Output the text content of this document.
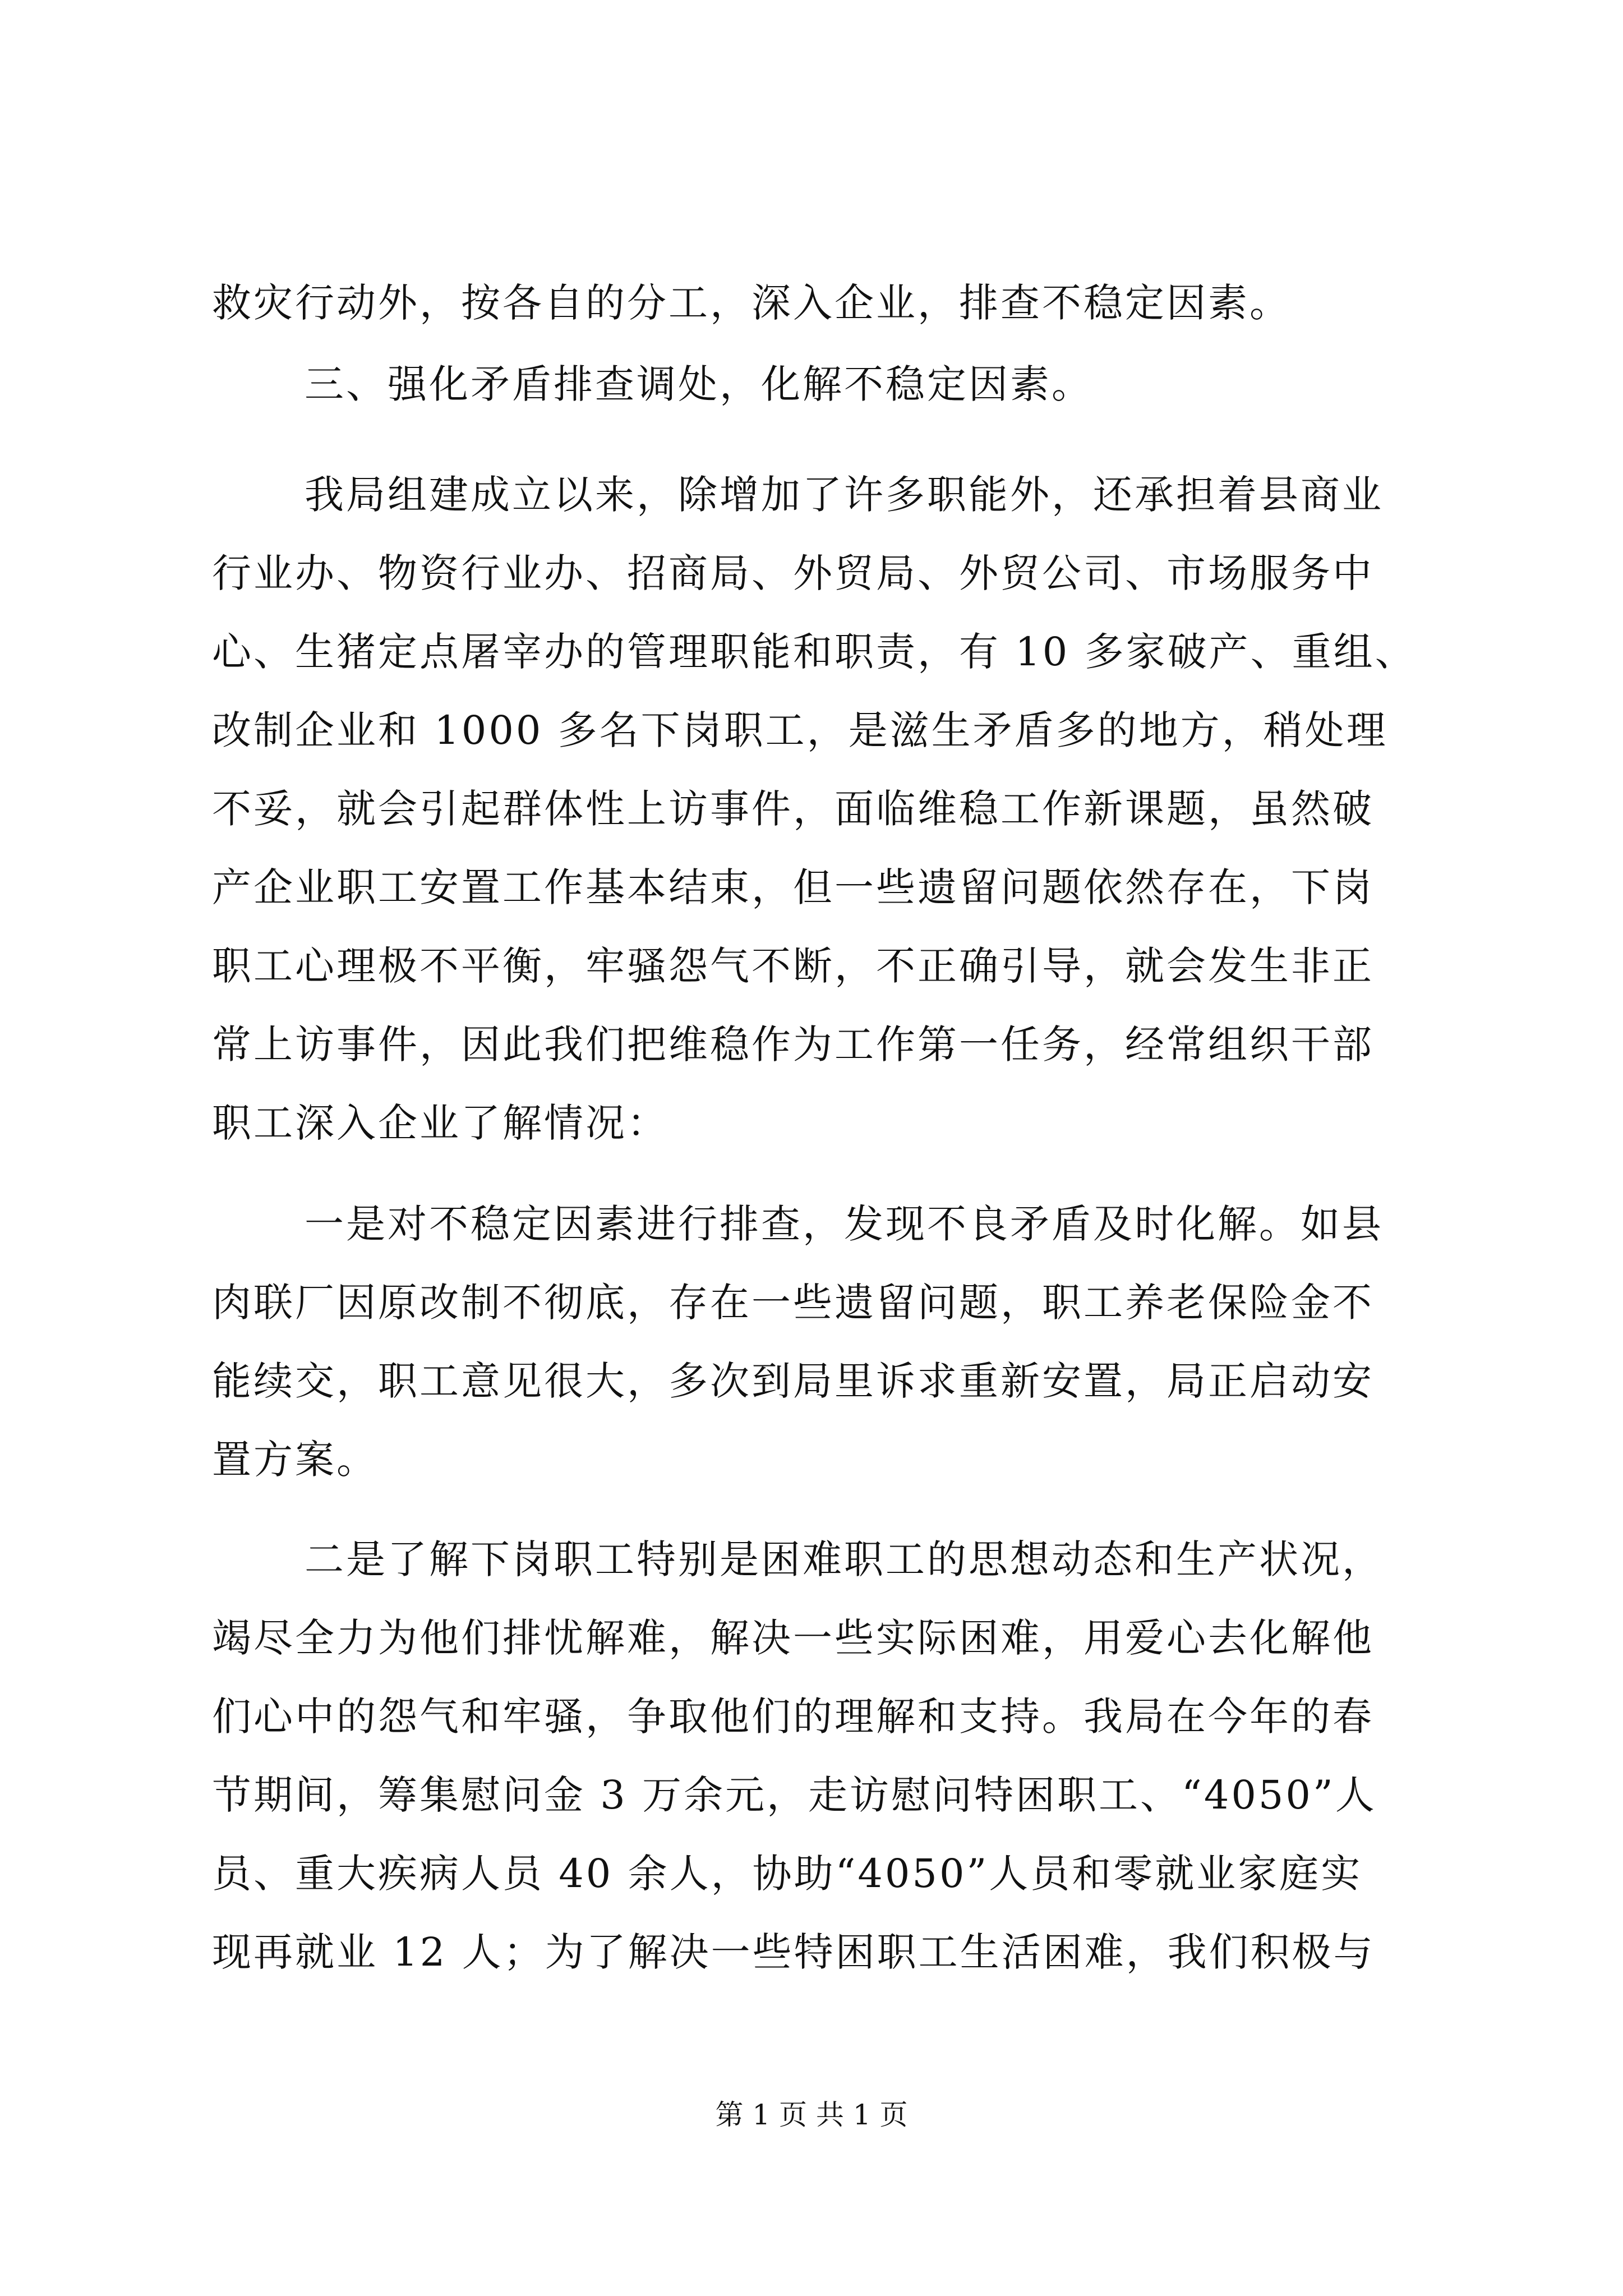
救灾行动外，按各自的分工，深入企业，排查不稳定因素。
三、强化矛盾排查调处，化解不稳定因素。
我局组建成立以来，除增加了许多职能外，还承担着县商业
行业办、物资行业办、招商局、外贸局、外贸公司、市场服务中
心、生猪定点屠宰办的管理职能和职责，有 10 多家破产、重组、
改制企业和 1000 多名下岗职工，是滋生矛盾多的地方，稍处理
不妥，就会引起群体性上访事件，面临维稳工作新课题，虽然破
产企业职工安置工作基本结束，但一些遗留问题依然存在，下岗
职工心理极不平衡，牢骚怨气不断，不正确引导，就会发生非正
常上访事件，因此我们把维稳作为工作第一任务，经常组织干部
职工深入企业了解情况：
一是对不稳定因素进行排查，发现不良矛盾及时化解。如县
肉联厂因原改制不彻底，存在一些遗留问题，职工养老保险金不
能续交，职工意见很大，多次到局里诉求重新安置，局正启动安
置方案。
二是了解下岗职工特别是困难职工的思想动态和生产状况，
竭尽全力为他们排忧解难，解决一些实际困难，用爱心去化解他
们心中的怨气和牢骚，争取他们的理解和支持。我局在今年的春
节期间，筹集慰问金 3 万余元，走访慰问特困职工、“4050”人
员、重大疾病人员 40 余人，协助“4050”人员和零就业家庭实
现再就业 12 人；为了解决一些特困职工生活困难，我们积极与
第 1 页 共 1 页
